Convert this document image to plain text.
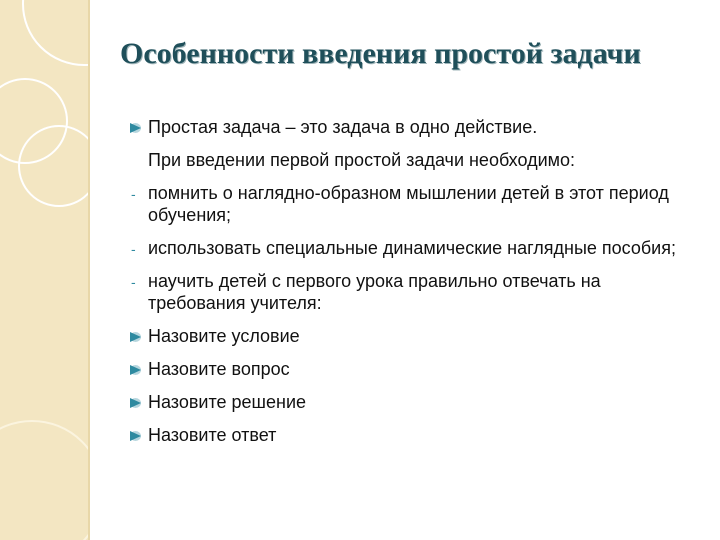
Особенности введения простой задачи
Простая задача – это задача в одно действие.
При введении первой простой задачи необходимо:
- помнить о наглядно-образном мышлении детей в этот период обучения;
- использовать специальные динамические наглядные пособия;
- научить детей с первого урока правильно отвечать на требования учителя:
Назовите условие
Назовите вопрос
Назовите решение
Назовите ответ
